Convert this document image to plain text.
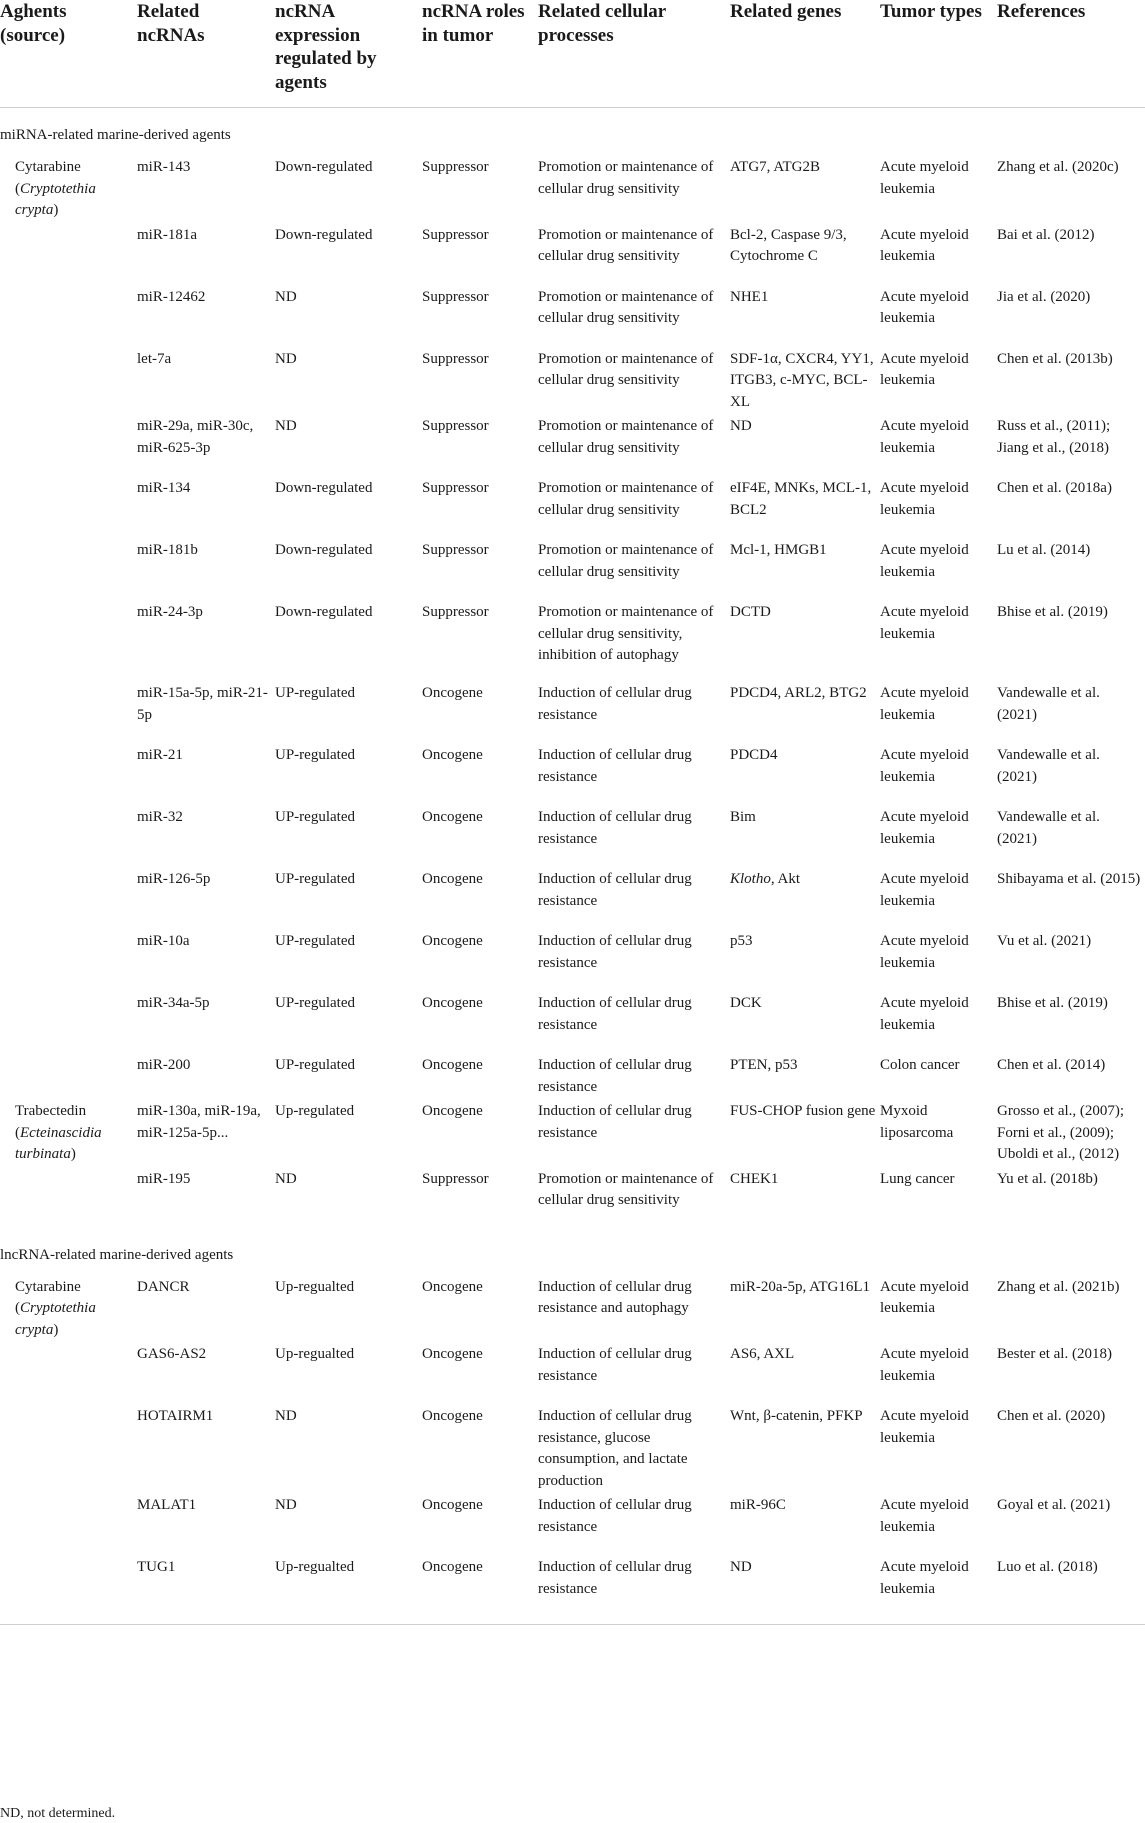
Aghents (source)	Related ncRNAs	ncRNA expression regulated by agents	ncRNA roles in tumor	Related cellular processes	Related genes	Tumor types	References
miRNA-related marine-derived agents							
Cytarabine (Cryptotethia crypta)	miR-143	Down-regulated	Suppressor	Promotion or maintenance of cellular drug sensitivity	ATG7, ATG2B	Acute myeloid leukemia	Zhang et al. (2020c)
	miR-181a	Down-regulated	Suppressor	Promotion or maintenance of cellular drug sensitivity	Bcl-2, Caspase 9/3, Cytochrome C	Acute myeloid leukemia	Bai et al. (2012)
	miR-12462	ND	Suppressor	Promotion or maintenance of cellular drug sensitivity	NHE1	Acute myeloid leukemia	Jia et al. (2020)
	let-7a	ND	Suppressor	Promotion or maintenance of cellular drug sensitivity	SDF-1α, CXCR4, YY1, ITGB3, c-MYC, BCL-XL	Acute myeloid leukemia	Chen et al. (2013b)
	miR-29a, miR-30c, miR-625-3p	ND	Suppressor	Promotion or maintenance of cellular drug sensitivity	ND	Acute myeloid leukemia	Russ et al., (2011); Jiang et al., (2018)
	miR-134	Down-regulated	Suppressor	Promotion or maintenance of cellular drug sensitivity	eIF4E, MNKs, MCL-1, BCL2	Acute myeloid leukemia	Chen et al. (2018a)
	miR-181b	Down-regulated	Suppressor	Promotion or maintenance of cellular drug sensitivity	Mcl-1, HMGB1	Acute myeloid leukemia	Lu et al. (2014)
	miR-24-3p	Down-regulated	Suppressor	Promotion or maintenance of cellular drug sensitivity, inhibition of autophagy	DCTD	Acute myeloid leukemia	Bhise et al. (2019)
	miR-15a-5p, miR-21-5p	UP-regulated	Oncogene	Induction of cellular drug resistance	PDCD4, ARL2, BTG2	Acute myeloid leukemia	Vandewalle et al. (2021)
	miR-21	UP-regulated	Oncogene	Induction of cellular drug resistance	PDCD4	Acute myeloid leukemia	Vandewalle et al. (2021)
	miR-32	UP-regulated	Oncogene	Induction of cellular drug resistance	Bim	Acute myeloid leukemia	Vandewalle et al. (2021)
	miR-126-5p	UP-regulated	Oncogene	Induction of cellular drug resistance	Klotho, Akt	Acute myeloid leukemia	Shibayama et al. (2015)
	miR-10a	UP-regulated	Oncogene	Induction of cellular drug resistance	p53	Acute myeloid leukemia	Vu et al. (2021)
	miR-34a-5p	UP-regulated	Oncogene	Induction of cellular drug resistance	DCK	Acute myeloid leukemia	Bhise et al. (2019)
	miR-200	UP-regulated	Oncogene	Induction of cellular drug resistance	PTEN, p53	Colon cancer	Chen et al. (2014)
Trabectedin (Ecteinascidia turbinata)	miR-130a, miR-19a, miR-125a-5p...	Up-regulated	Oncogene	Induction of cellular drug resistance	FUS-CHOP fusion gene	Myxoid liposarcoma	Grosso et al., (2007); Forni et al., (2009); Uboldi et al., (2012)
	miR-195	ND	Suppressor	Promotion or maintenance of cellular drug sensitivity	CHEK1	Lung cancer	Yu et al. (2018b)
lncRNA-related marine-derived agents							
Cytarabine (Cryptotethia crypta)	DANCR	Up-regualted	Oncogene	Induction of cellular drug resistance and autophagy	miR-20a-5p, ATG16L1	Acute myeloid leukemia	Zhang et al. (2021b)
	GAS6-AS2	Up-regualted	Oncogene	Induction of cellular drug resistance	AS6, AXL	Acute myeloid leukemia	Bester et al. (2018)
	HOTAIRM1	ND	Oncogene	Induction of cellular drug resistance, glucose consumption, and lactate production	Wnt, β-catenin, PFKP	Acute myeloid leukemia	Chen et al. (2020)
	MALAT1	ND	Oncogene	Induction of cellular drug resistance	miR-96C	Acute myeloid leukemia	Goyal et al. (2021)
	TUG1	Up-regualted	Oncogene	Induction of cellular drug resistance	ND	Acute myeloid leukemia	Luo et al. (2018)
ND, not determined.
